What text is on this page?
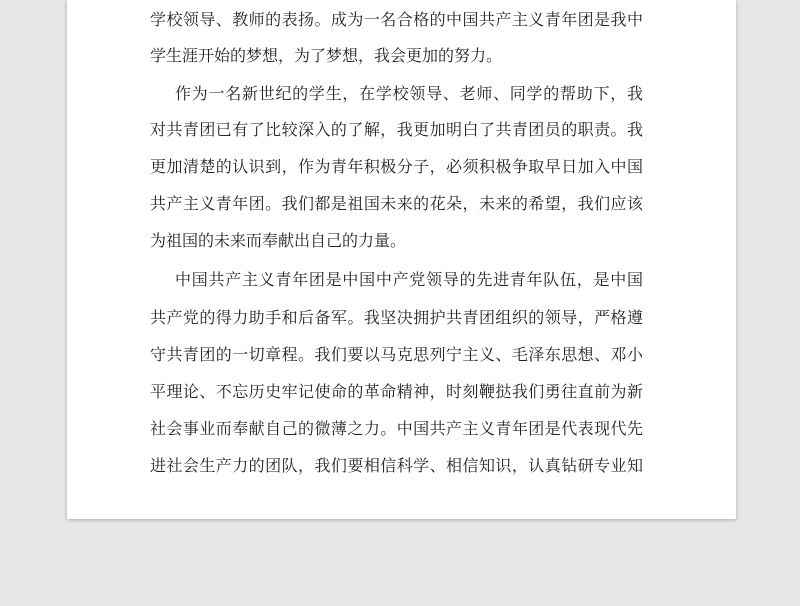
学校领导、教师的表扬。成为一名合格的中国共产主义青年团是我中
学生涯开始的梦想，为了梦想，我会更加的努力。
作为一名新世纪的学生，在学校领导、老师、同学的帮助下，我
对共青团已有了比较深入的了解，我更加明白了共青团员的职责。我
更加清楚的认识到，作为青年积极分子，必须积极争取早日加入中国
共产主义青年团。我们都是祖国未来的花朵，未来的希望，我们应该
为祖国的未来而奉献出自己的力量。
中国共产主义青年团是中国中产党领导的先进青年队伍，是中国
共产党的得力助手和后备军。我坚决拥护共青团组织的领导，严格遵
守共青团的一切章程。我们要以马克思列宁主义、毛泽东思想、邓小
平理论、不忘历史牢记使命的革命精神，时刻鞭挞我们勇往直前为新
社会事业而奉献自己的微薄之力。中国共产主义青年团是代表现代先
进社会生产力的团队，我们要相信科学、相信知识，认真钻研专业知
